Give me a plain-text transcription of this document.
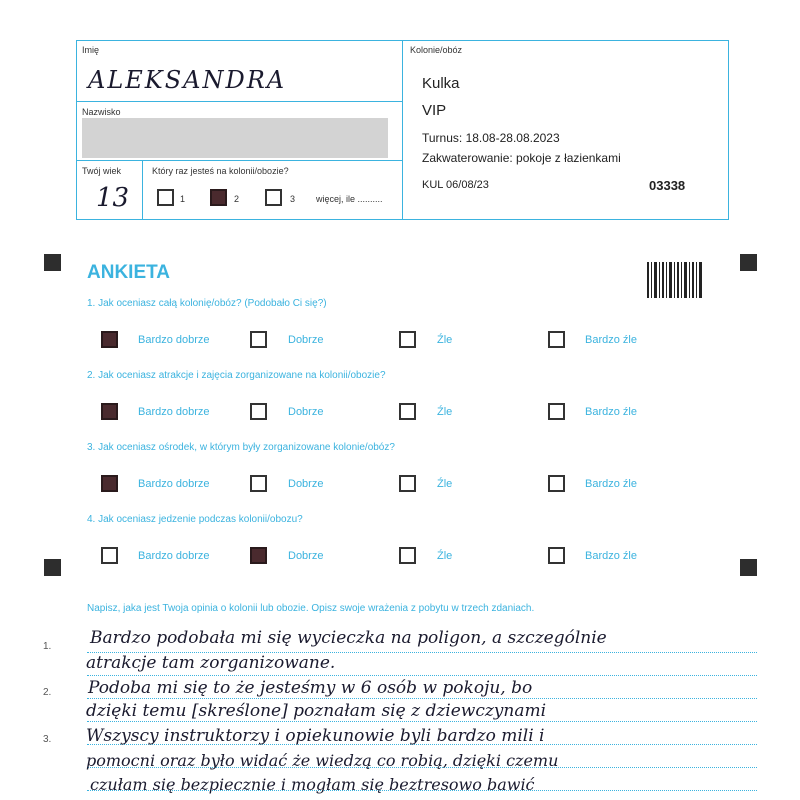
Imię
ALEKSANDRA
Nazwisko
Twój wiek
13
Który raz jesteś na kolonii/obozie?
1	2	3 więcej, ile ..........
Kolonie/obóz
Kulka
VIP
Turnus: 18.08-28.08.2023
Zakwaterowanie: pokoje z łazienkami
KUL 06/08/23	03338
ANKIETA
1. Jak oceniasz całą kolonię/obóz? (Podobało Ci się?)
Bardzo dobrze	Dobrze	Źle	Bardzo źle
2. Jak oceniasz atrakcje i zajęcia zorganizowane na kolonii/obozie?
Bardzo dobrze	Dobrze	Źle	Bardzo źle
3. Jak oceniasz ośrodek, w którym były zorganizowane kolonie/obóz?
Bardzo dobrze	Dobrze	Źle	Bardzo źle
4. Jak oceniasz jedzenie podczas kolonii/obozu?
Bardzo dobrze	Dobrze	Źle	Bardzo źle
Napisz, jaka jest Twoja opinia o kolonii lub obozie. Opisz swoje wrażenia z pobytu w trzech zdaniach.
1.
2.
3.
Bardzo podobała mi się wycieczka na poligon, a szczególnie
atrakcje tam zorganizowane.
Podoba mi się to że jesteśmy w 6 osób w pokoju, bo
dzięki temu [skreślone] poznałam się z dziewczynami
Wszyscy instruktorzy i opiekunowie byli bardzo mili i
pomocni oraz było widać że wiedzą co robią, dzięki czemu
czułam się bezpiecznie i mogłam się beztresowo bawić
